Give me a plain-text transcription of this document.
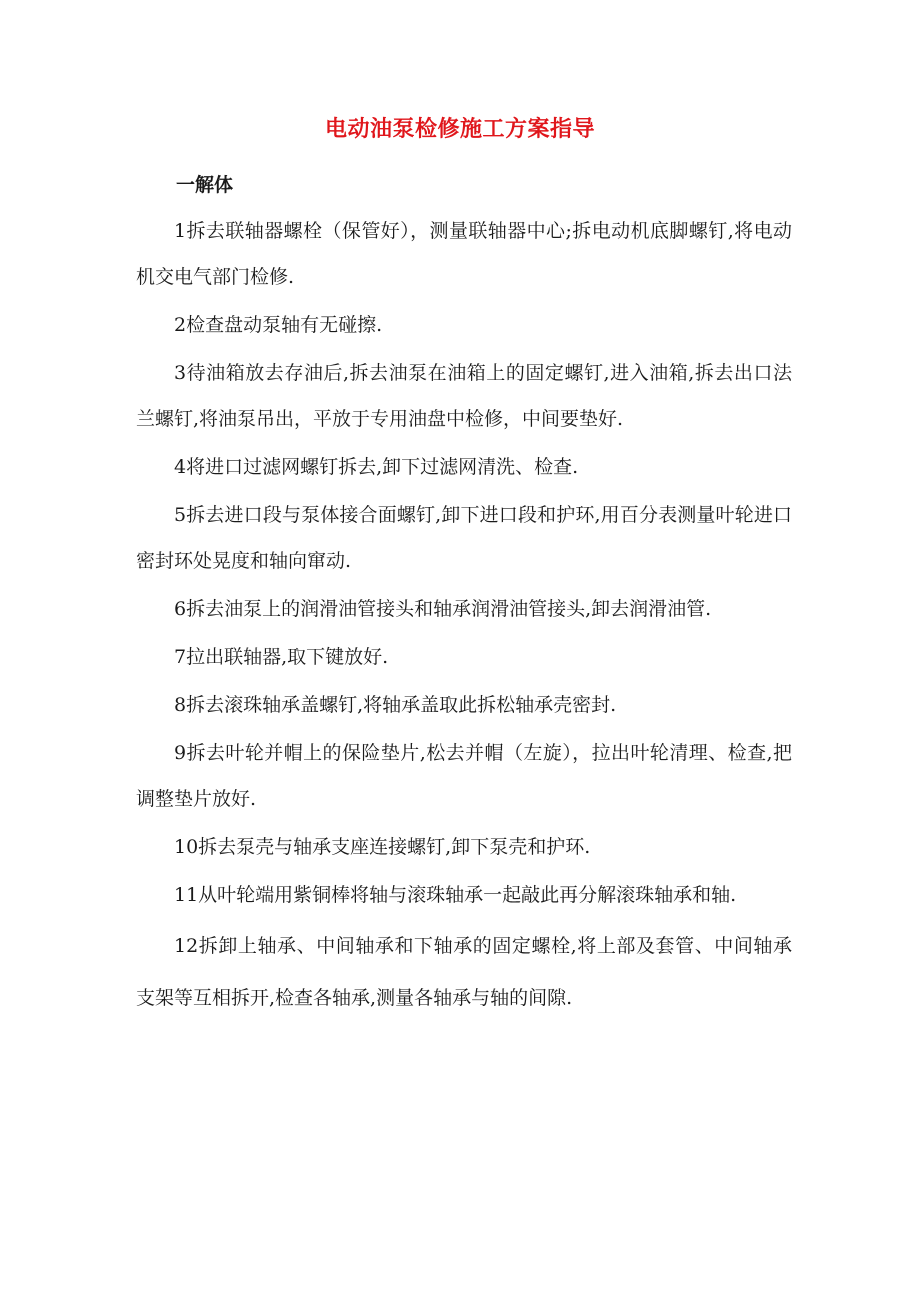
电动油泵检修施工方案指导
一解体

1拆去联轴器螺栓（保管好），测量联轴器中心;拆电动机底脚螺钉,将电动机交电气部门检修.

2检查盘动泵轴有无碰擦.

3待油箱放去存油后,拆去油泵在油箱上的固定螺钉,进入油箱,拆去出口法兰螺钉,将油泵吊出，平放于专用油盘中检修，中间要垫好.

4将进口过滤网螺钉拆去,卸下过滤网清洗、检查.

5拆去进口段与泵体接合面螺钉,卸下进口段和护环,用百分表测量叶轮进口密封环处晃度和轴向窜动.

6拆去油泵上的润滑油管接头和轴承润滑油管接头,卸去润滑油管.

7拉出联轴器,取下键放好.

8拆去滚珠轴承盖螺钉,将轴承盖取此拆松轴承壳密封.

9拆去叶轮并帽上的保险垫片,松去并帽（左旋），拉出叶轮清理、检查,把调整垫片放好.

10拆去泵壳与轴承支座连接螺钉,卸下泵壳和护环.

11从叶轮端用紫铜棒将轴与滚珠轴承一起敲此再分解滚珠轴承和轴.

12拆卸上轴承、中间轴承和下轴承的固定螺栓,将上部及套管、中间轴承支架等互相拆开,检查各轴承,测量各轴承与轴的间隙.
